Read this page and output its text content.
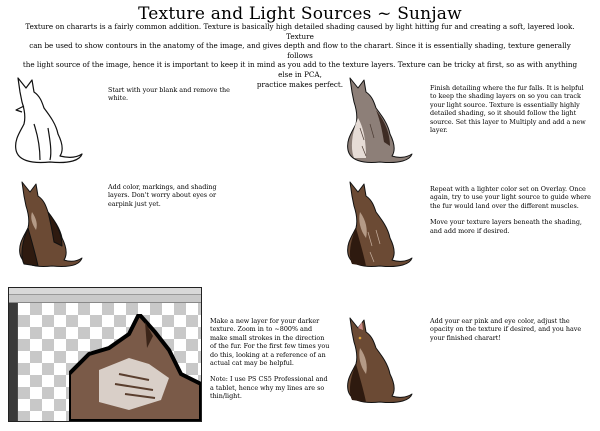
Texture and Light Sources ~ Sunjaw
Texture on chararts is a fairly common addition. Texture is basically high detailed shading caused by light hitting fur and creating a soft, layered look. Texture
can be used to show contours in the anatomy of the image, and gives depth and flow to the charart. Since it is essentially shading, texture generally follows
the light source of the image, hence it is important to keep it in mind as you add to the texture layers. Texture can be tricky at first, so as with anything else in PCA,
practice makes perfect.

Start with your blank and remove the white.

Add color, markings, and shading layers. Don't worry about eyes or earpink just yet.

Make a new layer for your darker texture. Zoom in to ~800% and make small strokes in the direction of the fur. For the first few times you do this, looking at a reference of an actual cat may be helpful.

Note: I use PS CS5 Professional and a tablet, hence why my lines are so thin/light.

Finish detailing where the fur falls. It is helpful to keep the shading layers on so you can track your light source. Texture is essentially highly detailed shading, so it should follow the light source. Set this layer to Multiply and add a new layer.

Repeat with a lighter color set on Overlay. Once again, try to use your light source to guide where the fur would land over the different muscles.

Move your texture layers beneath the shading, and add more if desired.

Add your ear pink and eye color, adjust the opacity on the texture if desired, and you have your finished charart!
